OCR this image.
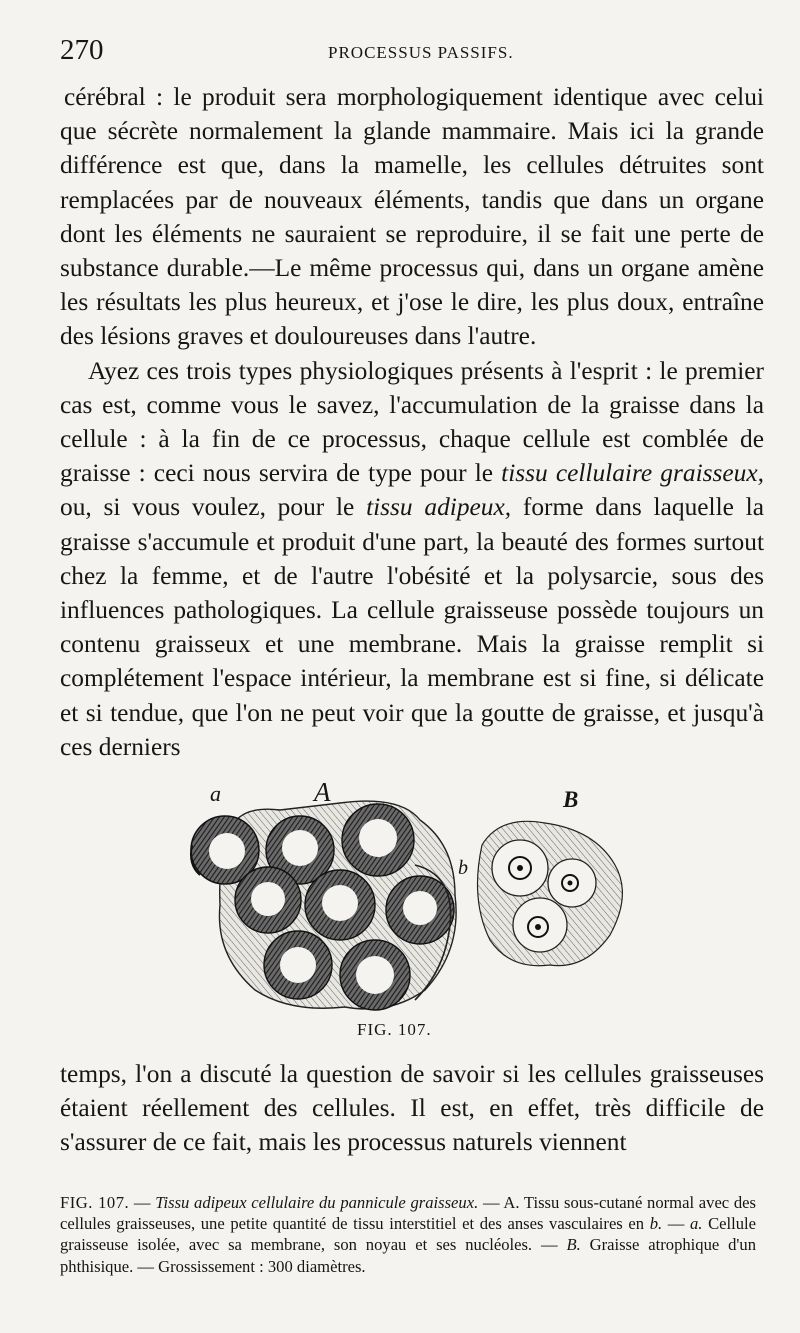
270	PROCESSUS PASSIFS.

cérébral : le produit sera morphologiquement identique avec celui que sécrète normalement la glande mammaire. Mais ici la grande différence est que, dans la mamelle, les cellules détruites sont remplacées par de nouveaux éléments, tandis que dans un organe dont les éléments ne sauraient se reproduire, il se fait une perte de substance durable.—Le même processus qui, dans un organe amène les résultats les plus heureux, et j'ose le dire, les plus doux, entraîne des lésions graves et douloureuses dans l'autre.

Ayez ces trois types physiologiques présents à l'esprit : le premier cas est, comme vous le savez, l'accumulation de la graisse dans la cellule : à la fin de ce processus, chaque cellule est comblée de graisse : ceci nous servira de type pour le tissu cellulaire graisseux, ou, si vous voulez, pour le tissu adipeux, forme dans laquelle la graisse s'accumule et produit d'une part, la beauté des formes surtout chez la femme, et de l'autre l'obésité et la polysarcie, sous des influences pathologiques. La cellule graisseuse possède toujours un contenu graisseux et une membrane. Mais la graisse remplit si complétement l'espace intérieur, la membrane est si fine, si délicate et si tendue, que l'on ne peut voir que la goutte de graisse, et jusqu'à ces derniers

a	A
b
B
FIG. 107.

temps, l'on a discuté la question de savoir si les cellules graisseuses étaient réellement des cellules. Il est, en effet, très difficile de s'assurer de ce fait, mais les processus naturels viennent

FIG. 107. — Tissu adipeux cellulaire du pannicule graisseux. — A. Tissu sous-cutané normal avec des cellules graisseuses, une petite quantité de tissu interstitiel et des anses vasculaires en b. — a. Cellule graisseuse isolée, avec sa membrane, son noyau et ses nucléoles. — B. Graisse atrophique d'un phthisique. — Grossissement : 300 diamètres.
